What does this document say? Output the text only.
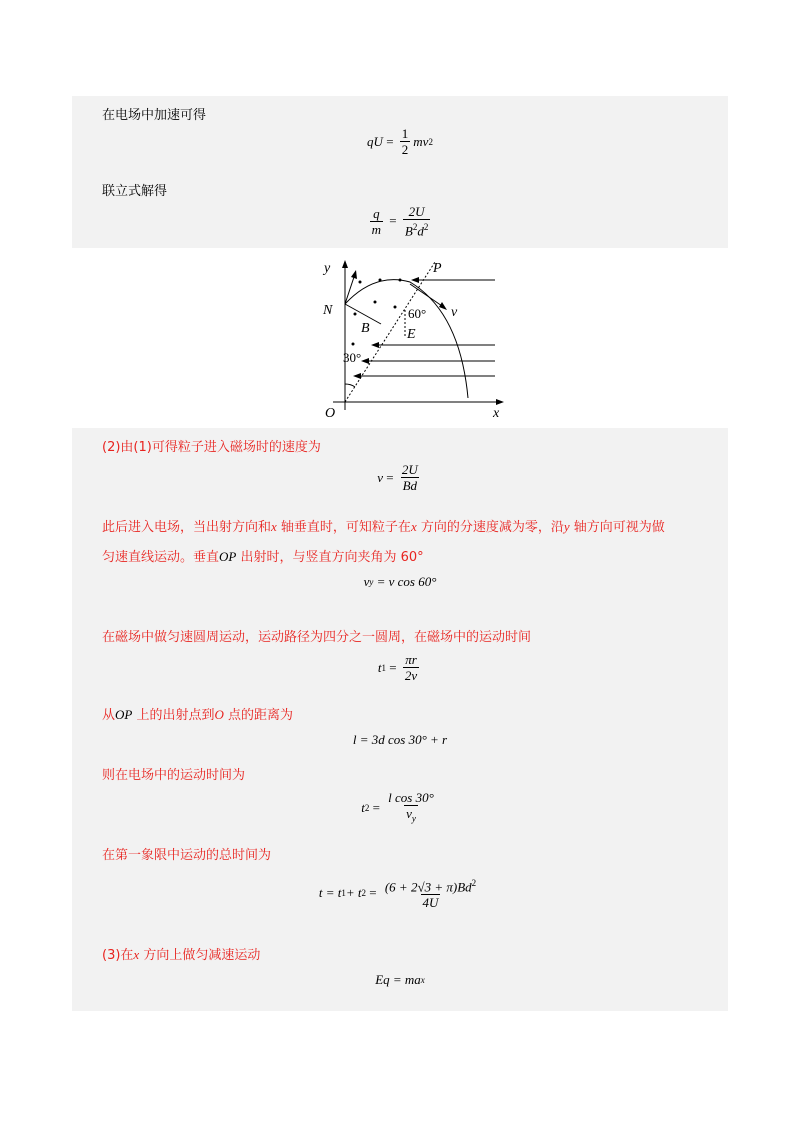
在电场中加速可得
qU = $\frac{1}{2}$ mv 2
联立式解得
$\frac{q}{m} = \frac{2U}{B^2d^2}$
y
x
O
N
P
B	E
v
60°
30°
(2)由(1)可得粒子进入磁场时的速度为
$v = \frac{2U}{Bd}$
此后进入电场，当出射方向和x 轴垂直时，可知粒子在x 方向的分速度减为零，沿y 轴方向可视为做
匀速直线运动。垂直OP 出射时，与竖直方向夹角为 60°
v y
= v cos 60°
在磁场中做匀速圆周运动，运动路径为四分之一圆周，在磁场中的运动时间
t $1 = \frac{\pi r}{2v}$
从OP 上的出射点到O 点的距离为
l = 3d cos 30° + r
则在电场中的运动时间为
t $2 = \frac{\text{l cos 30°}}{v_y}$
在第一象限中运动的总时间为
t = t 1 + t $2 = \frac{(6 + 2√3 + \pi)Bd^2}{4U}$
(3)在x 方向上做匀减速运动
Eq = ma x
